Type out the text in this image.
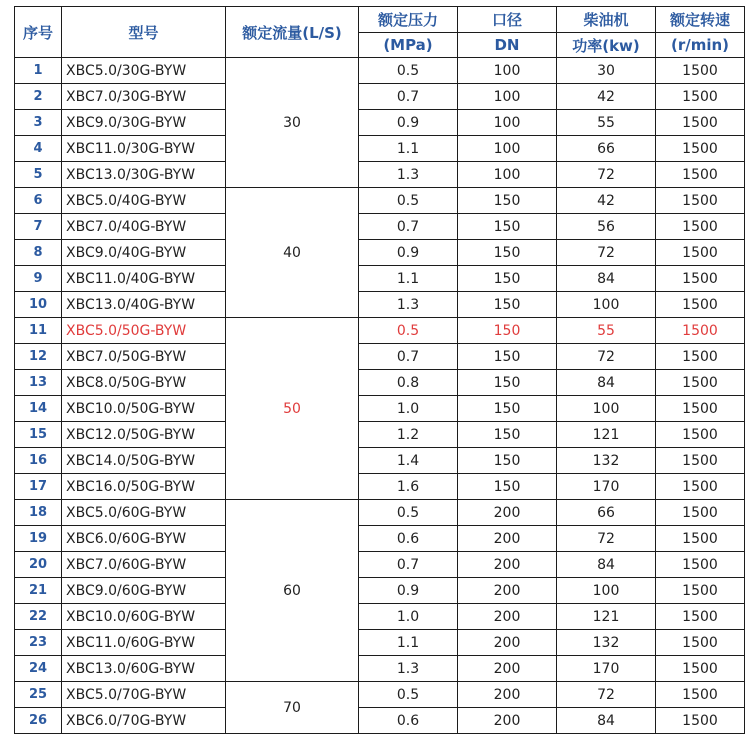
序号	型号	额定流量(L/S)	额定压力	口径	柴油机	额定转速
			(MPa)	DN	功率(kw)	(r/min)
1	XBC5.0/30G-BYW	30	0.5	100	30	1500
2	XBC7.0/30G-BYW		0.7	100	42	1500
3	XBC9.0/30G-BYW		0.9	100	55	1500
4	XBC11.0/30G-BYW		1.1	100	66	1500
5	XBC13.0/30G-BYW		1.3	100	72	1500
6	XBC5.0/40G-BYW	40	0.5	150	42	1500
7	XBC7.0/40G-BYW		0.7	150	56	1500
8	XBC9.0/40G-BYW		0.9	150	72	1500
9	XBC11.0/40G-BYW		1.1	150	84	1500
10	XBC13.0/40G-BYW		1.3	150	100	1500
11	XBC5.0/50G-BYW	50	0.5	150	55	1500
12	XBC7.0/50G-BYW		0.7	150	72	1500
13	XBC8.0/50G-BYW		0.8	150	84	1500
14	XBC10.0/50G-BYW		1.0	150	100	1500
15	XBC12.0/50G-BYW		1.2	150	121	1500
16	XBC14.0/50G-BYW		1.4	150	132	1500
17	XBC16.0/50G-BYW		1.6	150	170	1500
18	XBC5.0/60G-BYW	60	0.5	200	66	1500
19	XBC6.0/60G-BYW		0.6	200	72	1500
20	XBC7.0/60G-BYW		0.7	200	84	1500
21	XBC9.0/60G-BYW		0.9	200	100	1500
22	XBC10.0/60G-BYW		1.0	200	121	1500
23	XBC11.0/60G-BYW		1.1	200	132	1500
24	XBC13.0/60G-BYW		1.3	200	170	1500
25	XBC5.0/70G-BYW	70	0.5	200	72	1500
26	XBC6.0/70G-BYW		0.6	200	84	1500
